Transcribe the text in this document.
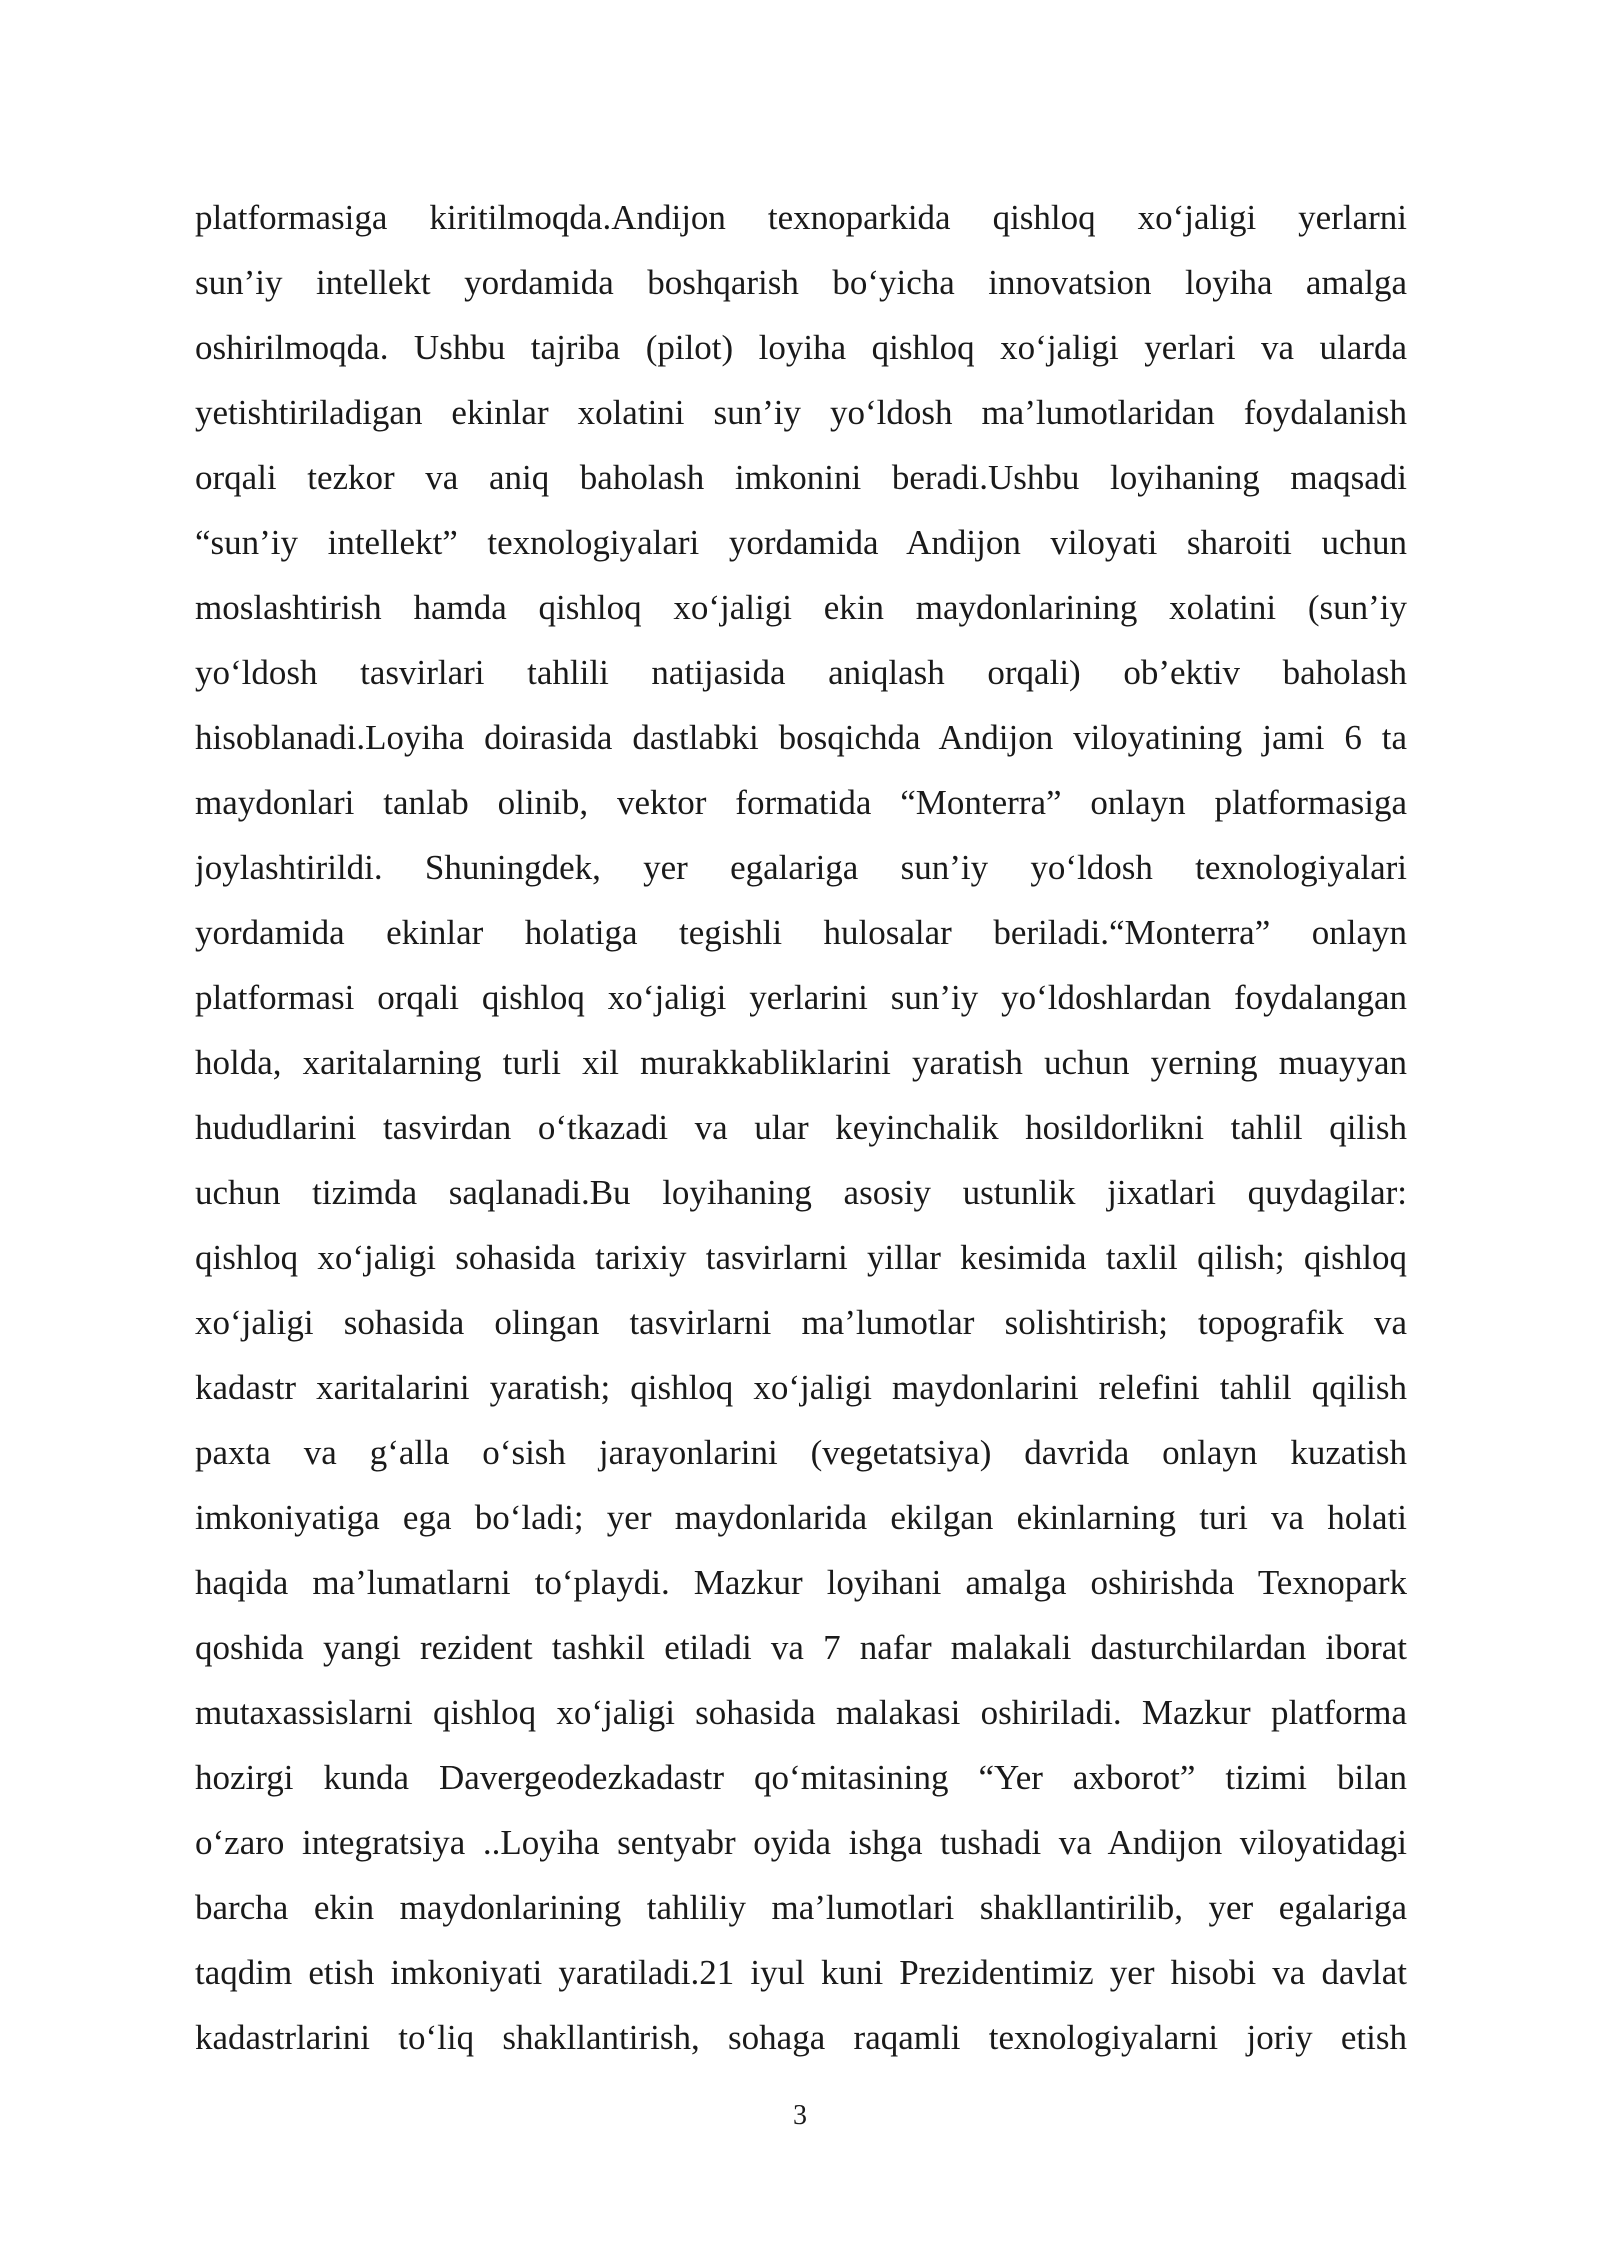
platformasiga kiritilmoqda.Andijon texnoparkida qishloq xo‘jaligi yerlarni
sun’iy intellekt yordamida boshqarish bo‘yicha innovatsion loyiha amalga
oshirilmoqda. Ushbu tajriba (pilot) loyiha qishloq xo‘jaligi yerlari va ularda
yetishtiriladigan ekinlar xolatini sun’iy yo‘ldosh ma’lumotlaridan foydalanish
orqali tezkor va aniq baholash imkonini beradi.Ushbu loyihaning maqsadi
“sun’iy intellekt” texnologiyalari yordamida Andijon viloyati sharoiti uchun
moslashtirish hamda qishloq xo‘jaligi ekin maydonlarining xolatini (sun’iy
yo‘ldosh tasvirlari tahlili natijasida aniqlash orqali) ob’ektiv baholash
hisoblanadi.Loyiha doirasida dastlabki bosqichda Andijon viloyatining jami 6 ta
maydonlari tanlab olinib, vektor formatida “Monterra” onlayn platformasiga
joylashtirildi. Shuningdek, yer egalariga sun’iy yo‘ldosh texnologiyalari
yordamida ekinlar holatiga tegishli hulosalar beriladi.“Monterra” onlayn
platformasi orqali qishloq xo‘jaligi yerlarini sun’iy yo‘ldoshlardan foydalangan
holda, xaritalarning turli xil murakkabliklarini yaratish uchun yerning muayyan
hududlarini tasvirdan o‘tkazadi va ular keyinchalik hosildorlikni tahlil qilish
uchun tizimda saqlanadi.Bu loyihaning asosiy ustunlik jixatlari quydagilar:
qishloq xo‘jaligi sohasida tarixiy tasvirlarni yillar kesimida taxlil qilish; qishloq
xo‘jaligi sohasida olingan tasvirlarni ma’lumotlar solishtirish; topografik va
kadastr xaritalarini yaratish; qishloq xo‘jaligi maydonlarini relefini tahlil qqilish
paxta va g‘alla o‘sish jarayonlarini (vegetatsiya) davrida onlayn kuzatish
imkoniyatiga ega bo‘ladi; yer maydonlarida ekilgan ekinlarning turi va holati
haqida ma’lumatlarni to‘playdi. Mazkur loyihani amalga oshirishda Texnopark
qoshida yangi rezident tashkil etiladi va 7 nafar malakali dasturchilardan iborat
mutaxassislarni qishloq xo‘jaligi sohasida malakasi oshiriladi. Mazkur platforma
hozirgi kunda Davergeodezkadastr qo‘mitasining “Yer axborot” tizimi bilan
o‘zaro integratsiya ..Loyiha sentyabr oyida ishga tushadi va Andijon viloyatidagi
barcha ekin maydonlarining tahliliy ma’lumotlari shakllantirilib, yer egalariga
taqdim etish imkoniyati yaratiladi.21 iyul kuni Prezidentimiz yer hisobi va davlat
kadastrlarini to‘liq shakllantirish, sohaga raqamli texnologiyalarni joriy etish
3
